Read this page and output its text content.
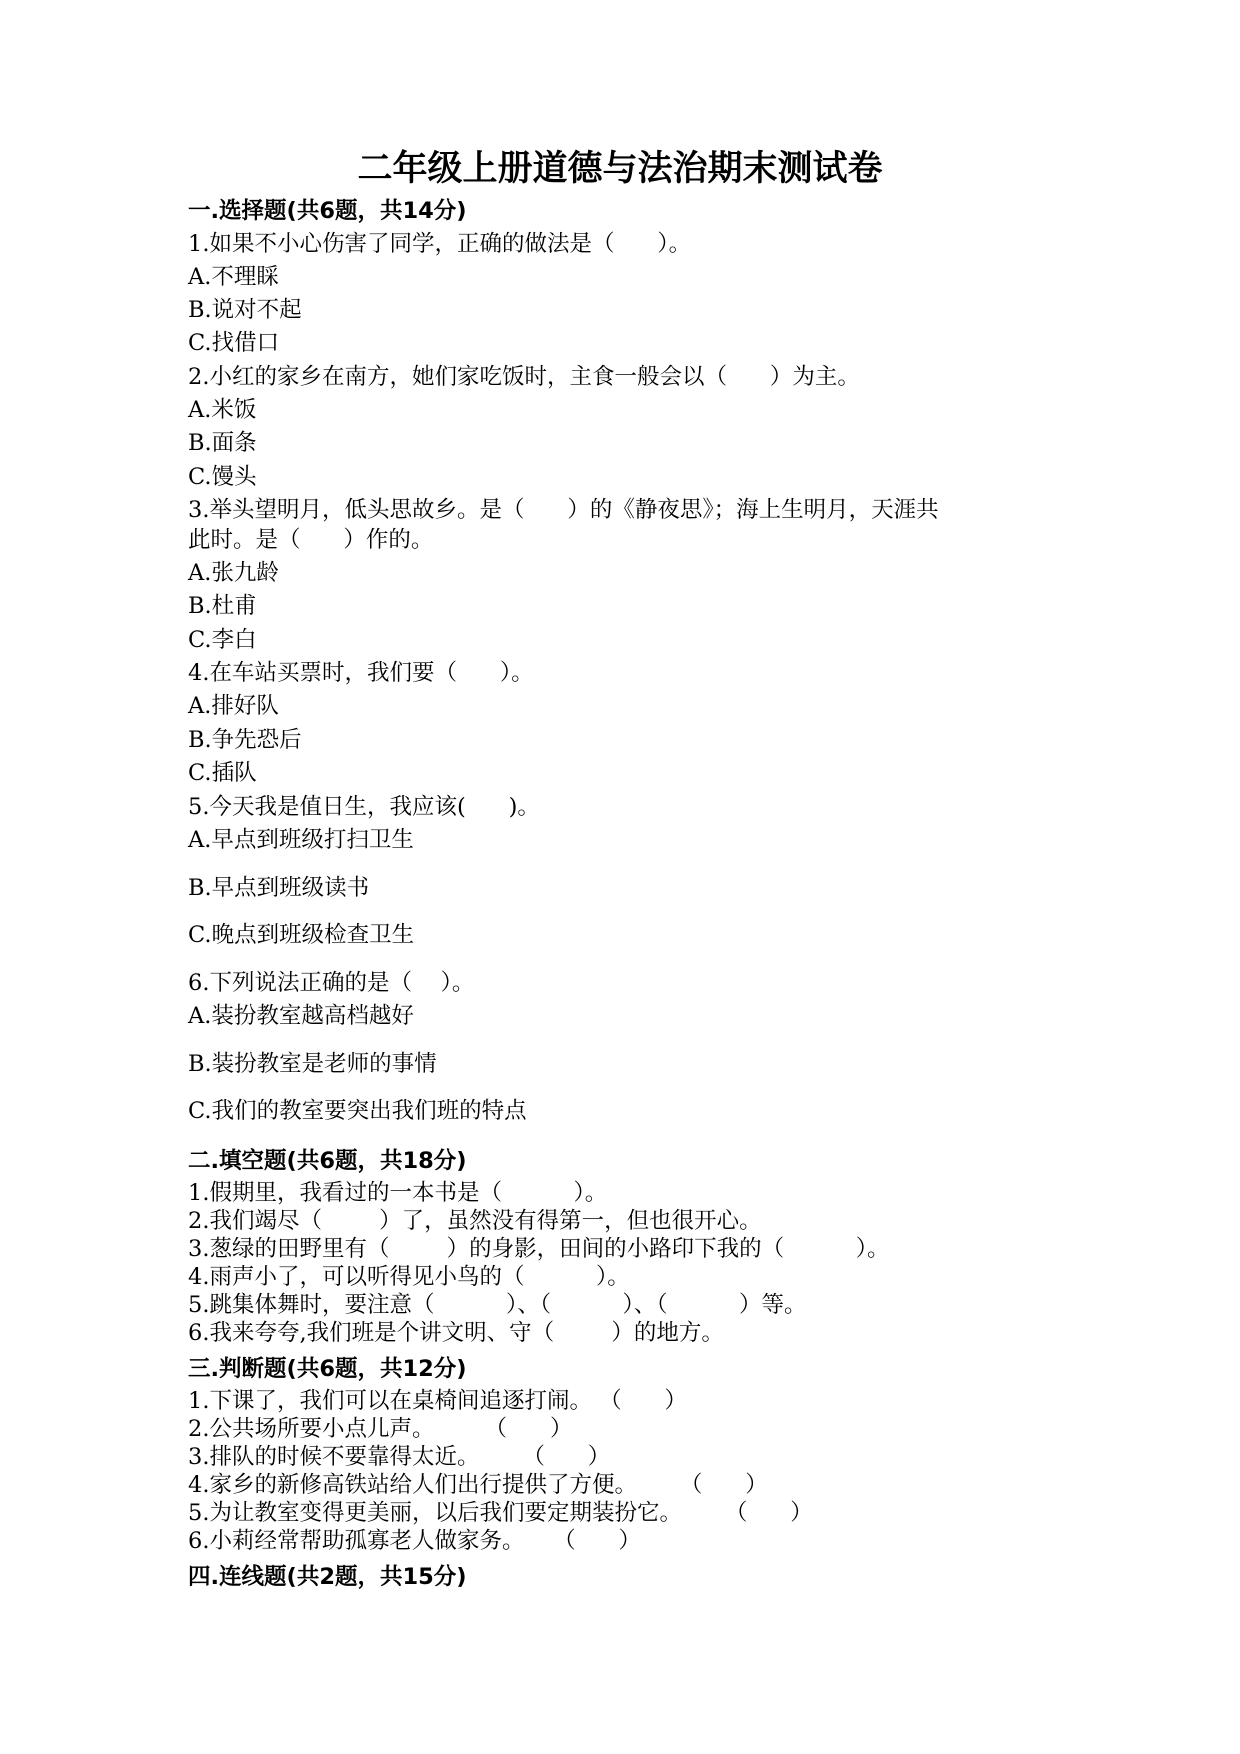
二年级上册道德与法治期末测试卷
一.选择题(共6题，共14分)
1.如果不小心伤害了同学，正确的做法是（      ）。
A.不理睬
B.说对不起
C.找借口
2.小红的家乡在南方，她们家吃饭时，主食一般会以（      ）为主。
A.米饭
B.面条
C.馒头
3.举头望明月，低头思故乡。是（      ）的《静夜思》；海上生明月，天涯共
此时。是（      ）作的。
A.张九龄
B.杜甫
C.李白
4.在车站买票时，我们要（      ）。
A.排好队
B.争先恐后
C.插队
5.今天我是值日生，我应该(      )。
A.早点到班级打扫卫生
B.早点到班级读书
C.晚点到班级检查卫生
6.下列说法正确的是（    ）。
A.装扮教室越高档越好
B.装扮教室是老师的事情
C.我们的教室要突出我们班的特点
二.填空题(共6题，共18分)
1.假期里，我看过的一本书是（          ）。
2.我们竭尽（        ）了，虽然没有得第一，但也很开心。
3.葱绿的田野里有（        ）的身影，田间的小路印下我的（          ）。
4.雨声小了，可以听得见小鸟的（          ）。
5.跳集体舞时，要注意（          ）、（          ）、（          ）等。
6.我来夸夸,我们班是个讲文明、守（        ）的地方。
三.判断题(共6题，共12分)
1.下课了，我们可以在桌椅间追逐打闹。 （      ）
2.公共场所要小点儿声。       （      ）
3.排队的时候不要靠得太近。      （      ）
4.家乡的新修高铁站给人们出行提供了方便。      （      ）
5.为让教室变得更美丽，以后我们要定期装扮它。      （      ）
6.小莉经常帮助孤寡老人做家务。    （      ）
四.连线题(共2题，共15分)
